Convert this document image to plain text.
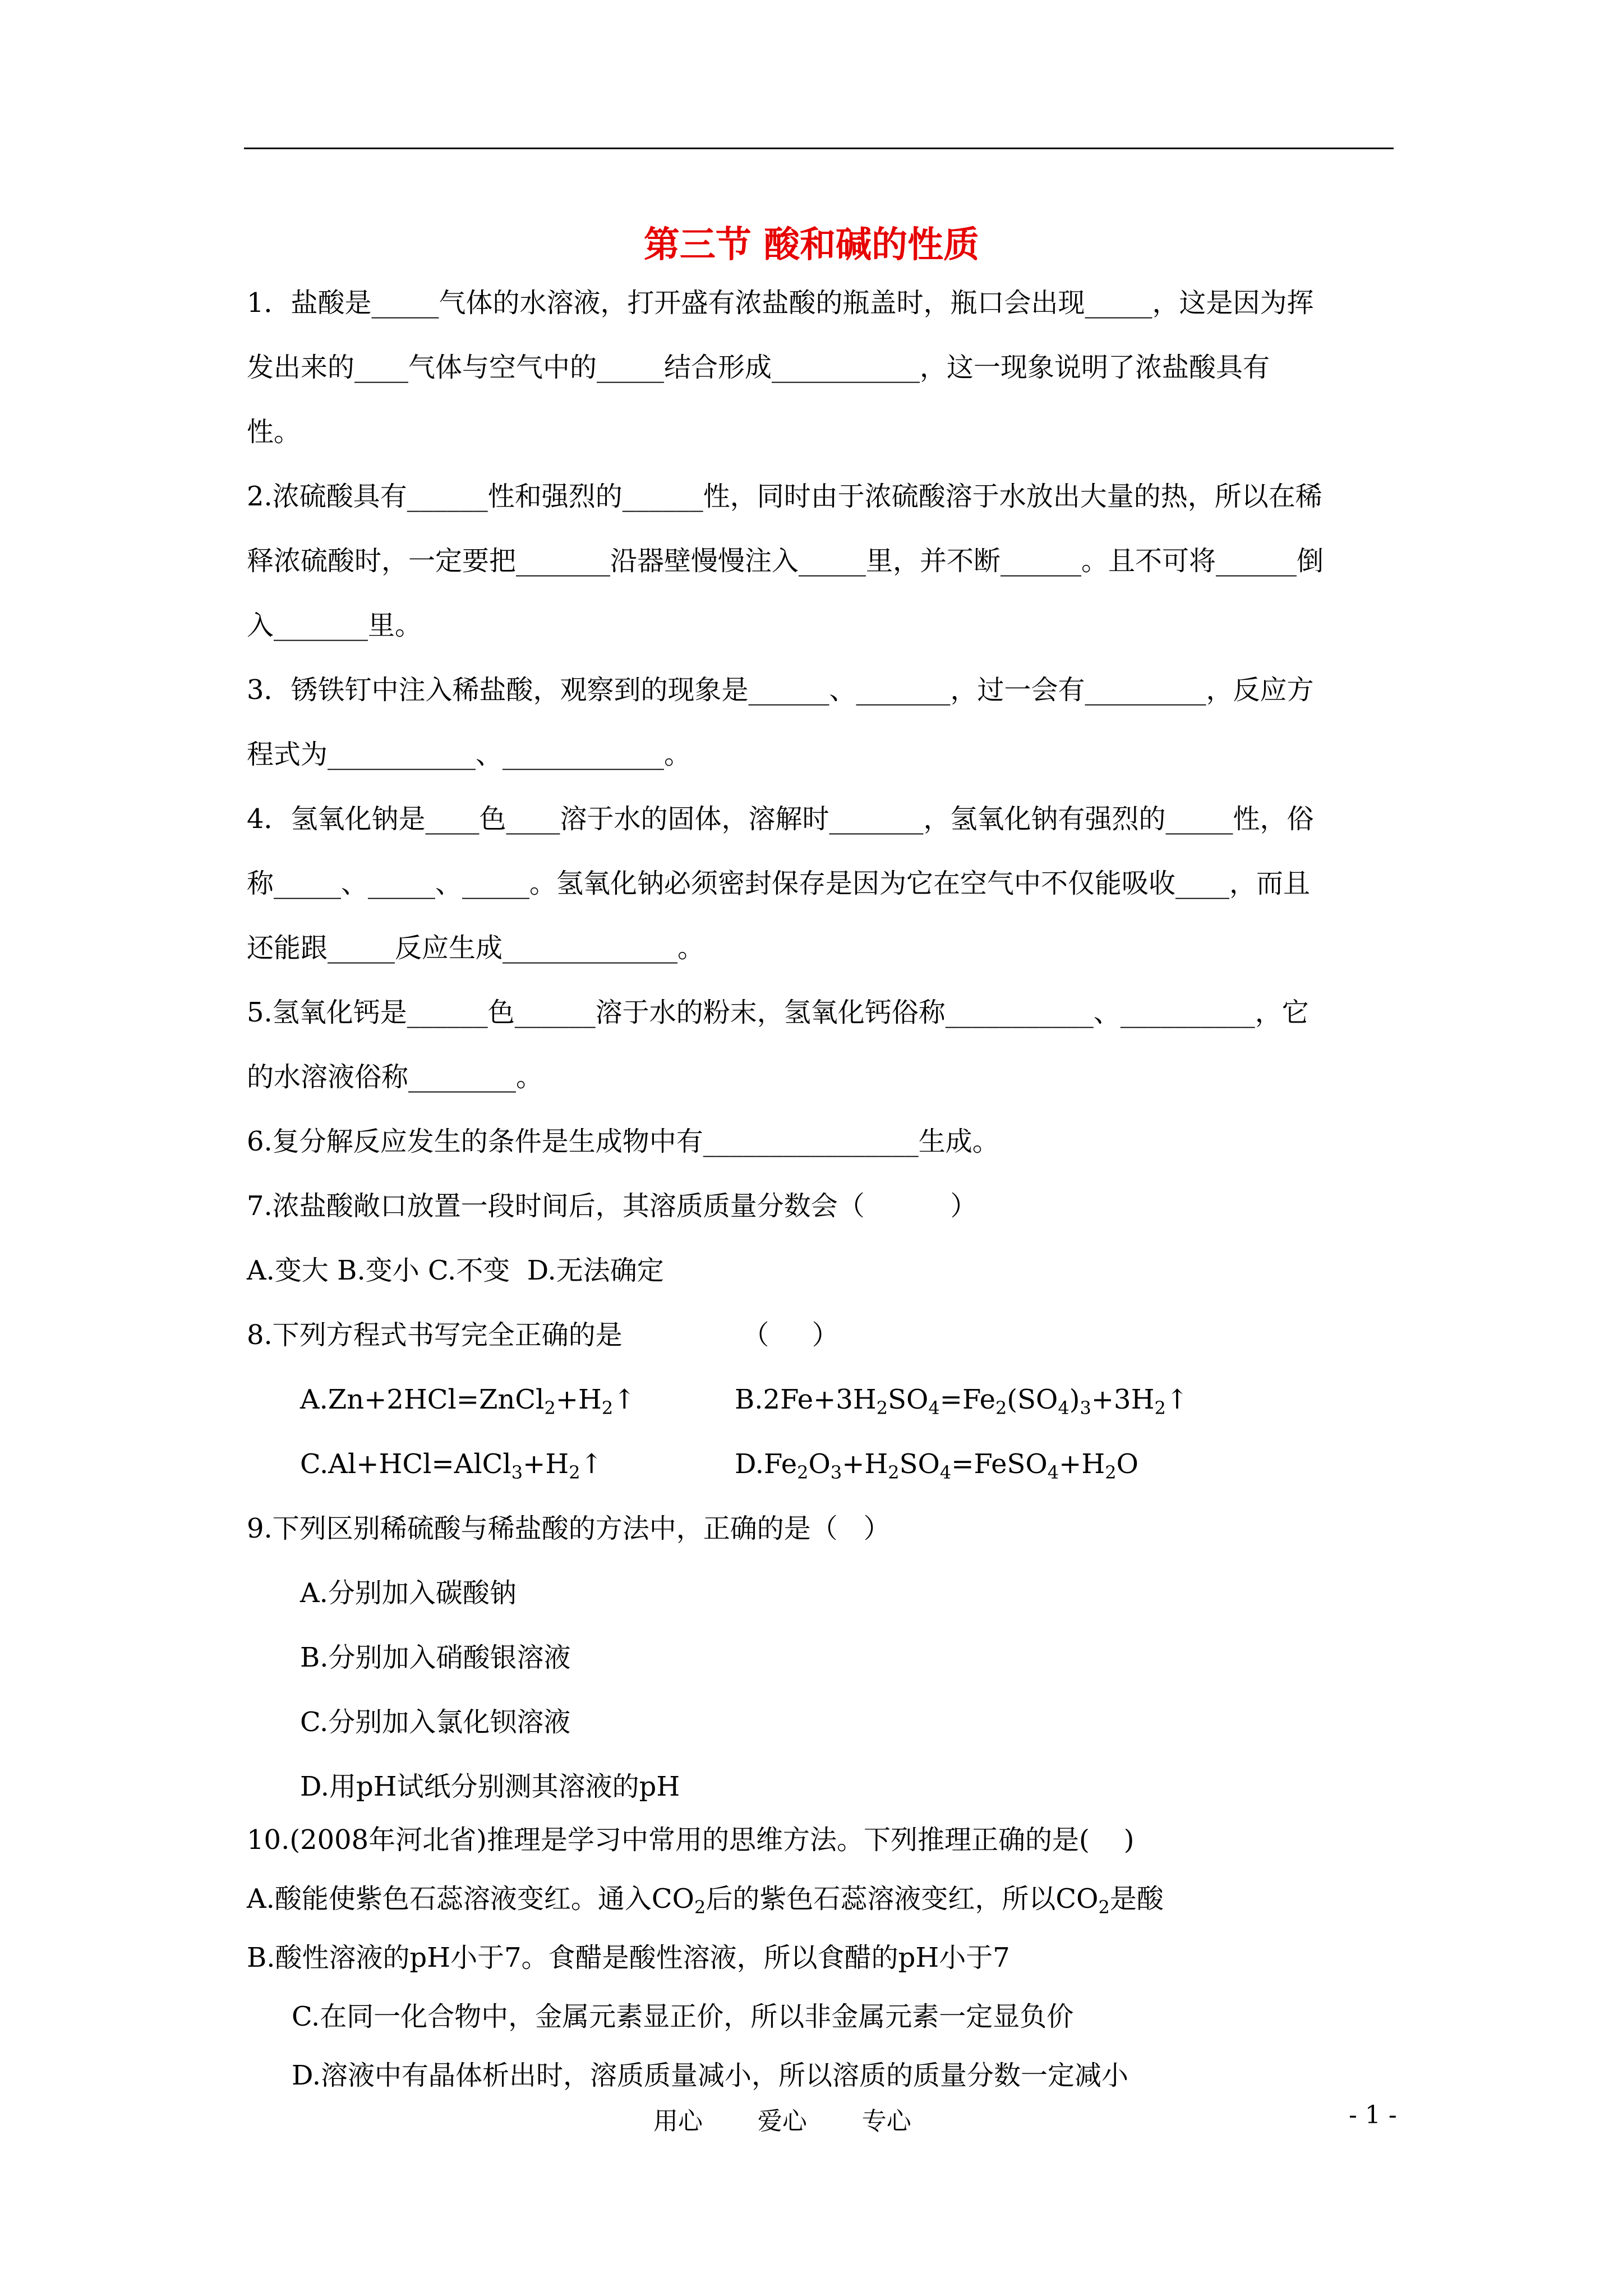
第三节 酸和碱的性质
1．盐酸是_____气体的水溶液，打开盛有浓盐酸的瓶盖时，瓶口会出现_____，这是因为挥
发出来的____气体与空气中的_____结合形成___________，这一现象说明了浓盐酸具有
性。
2.浓硫酸具有______性和强烈的______性，同时由于浓硫酸溶于水放出大量的热，所以在稀
释浓硫酸时，一定要把_______沿器壁慢慢注入_____里，并不断______。且不可将______倒
入_______里。
3．锈铁钉中注入稀盐酸，观察到的现象是______、_______，过一会有_________，反应方
程式为___________、____________。
4．氢氧化钠是____色____溶于水的固体，溶解时_______，氢氧化钠有强烈的_____性，俗
称_____、_____、_____。氢氧化钠必须密封保存是因为它在空气中不仅能吸收____，而且
还能跟_____反应生成_____________。
5.氢氧化钙是______色______溶于水的粉末，氢氧化钙俗称___________、__________，它
的水溶液俗称________。
6.复分解反应发生的条件是生成物中有________________生成。
7.浓盐酸敞口放置一段时间后，其溶质质量分数会（          ）
A.变大 B.变小 C.不变  D.无法确定
8.下列方程式书写完全正确的是              （     ）
$A.Zn+2HCl=ZnCl_2+H_2↑$	$B.2Fe+3H_2SO_4=Fe_2(SO_4)_3+3H_2↑$
$C.Al+HCl=AlCl_3+H_2↑$	$D.Fe_2O_3+H_2SO_4=FeSO_4+H_2O$
9.下列区别稀硫酸与稀盐酸的方法中，正确的是（   ）
A.分别加入碳酸钠
B.分别加入硝酸银溶液
C.分别加入氯化钡溶液
D.用pH试纸分别测其溶液的pH
10.(2008年河北省)推理是学习中常用的思维方法。下列推理正确的是(    )
A.酸能使紫色石蕊溶液变红。通入$CO_2$后的紫色石蕊溶液变红，所以$CO_2$是酸
B.酸性溶液的pH小于7。食醋是酸性溶液，所以食醋的pH小于7
C.在同一化合物中，金属元素显正价，所以非金属元素一定显负价
D.溶液中有晶体析出时，溶质质量减小，所以溶质的质量分数一定减小
用心       爱心       专心	- 1 -
